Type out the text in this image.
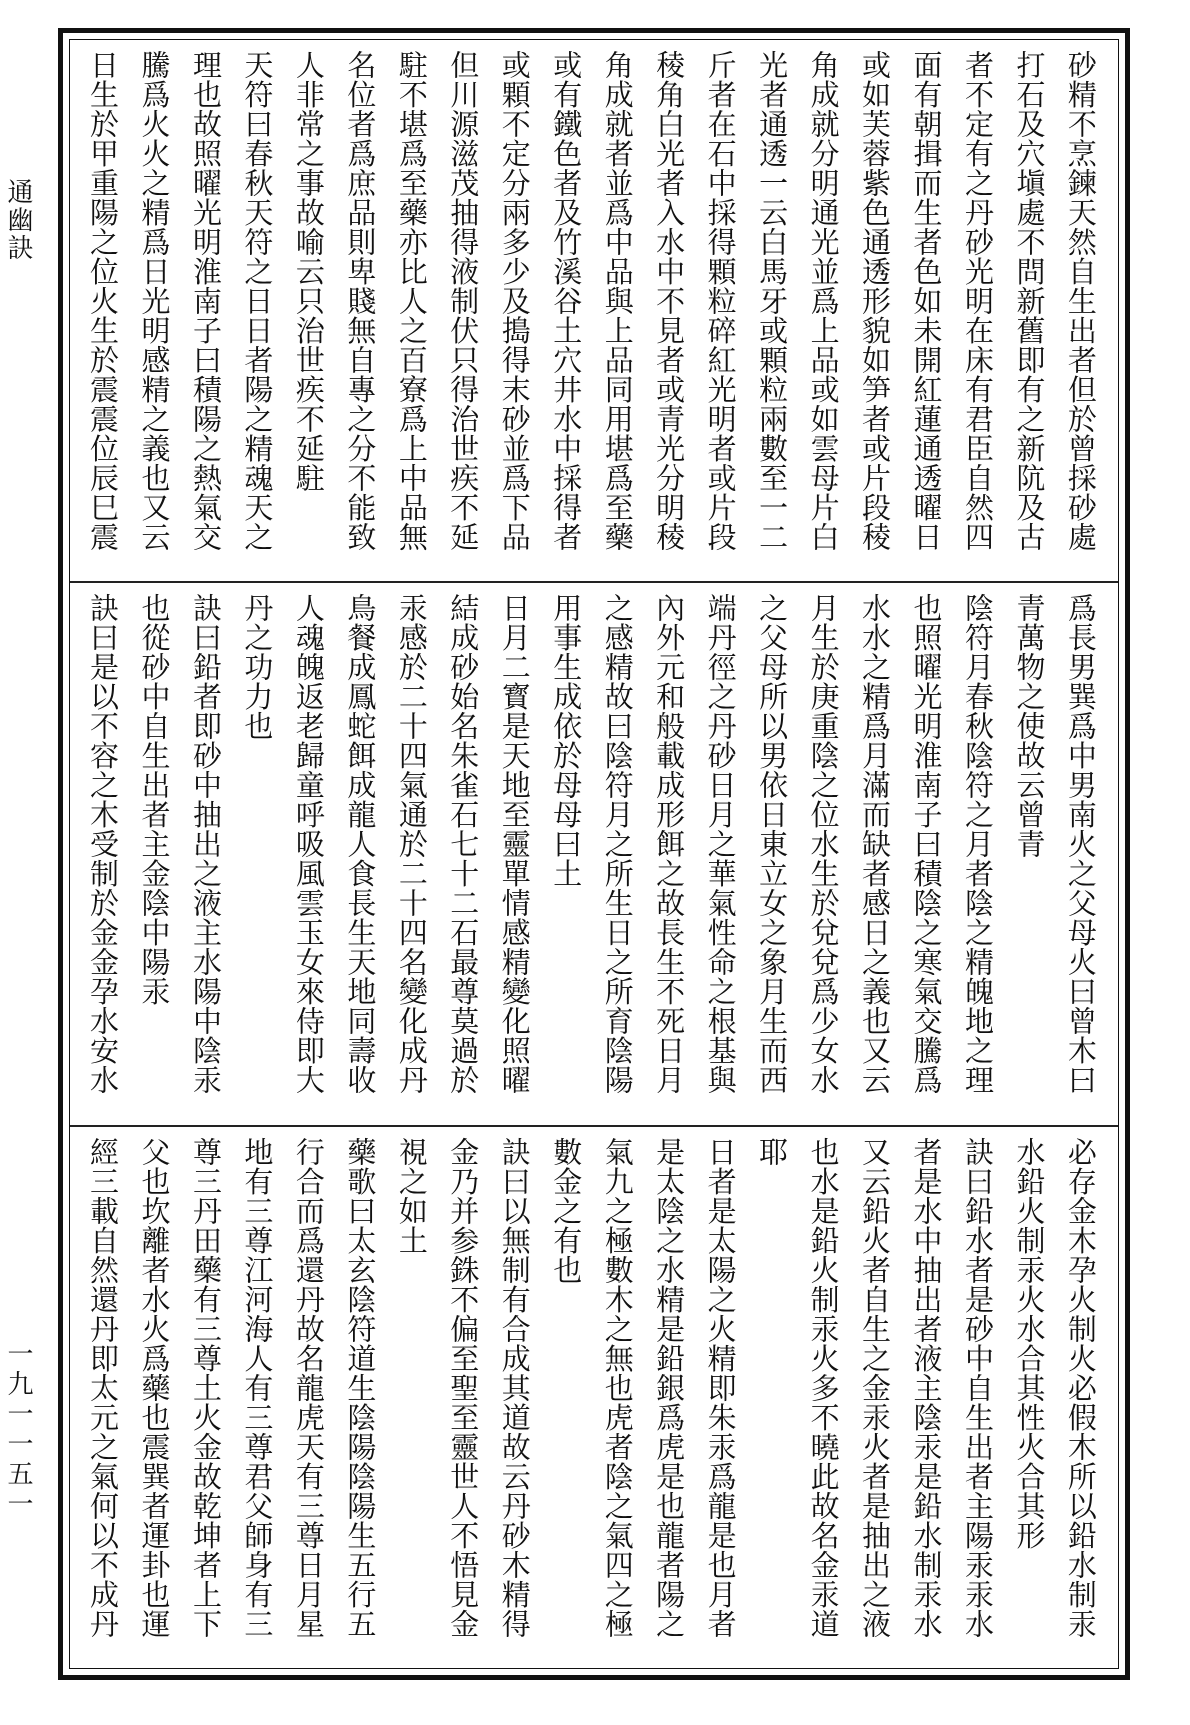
通幽訣
一九一一五一
砂精不烹鍊天然自生出者但於曾採砂處
打石及穴塡處不問新舊即有之新阬及古
者不定有之丹砂光明在床有君臣自然四
面有朝揖而生者色如未開紅蓮通透曜日
或如芙蓉紫色通透形貌如笋者或片段稜
角成就分明通光並爲上品或如雲母片白
光者通透一云白馬牙或顆粒兩數至一二
斤者在石中採得顆粒碎紅光明者或片段
稜角白光者入水中不見者或青光分明稜
角成就者並爲中品與上品同用堪爲至藥
或有鐵色者及竹溪谷土穴井水中採得者
或顆不定分兩多少及搗得末砂並爲下品
但川源滋茂抽得液制伏只得治世疾不延
駐不堪爲至藥亦比人之百寮爲上中品無
名位者爲庶品則卑賤無自專之分不能致
人非常之事故喻云只治世疾不延駐
天符曰春秋天符之日日者陽之精魂天之
理也故照曜光明淮南子曰積陽之熱氣交
騰爲火火之精爲日光明感精之義也又云
日生於甲重陽之位火生於震震位辰巳震
爲長男巽爲中男南火之父母火曰曾木曰
青萬物之使故云曾青
陰符月春秋陰符之月者陰之精魄地之理
也照曜光明淮南子曰積陰之寒氣交騰爲
水水之精爲月滿而缺者感日之義也又云
月生於庚重陰之位水生於兌兌爲少女水
之父母所以男依日東立女之象月生而西
端丹徑之丹砂日月之華氣性命之根基與
內外元和般載成形餌之故長生不死日月
之感精故曰陰符月之所生日之所育陰陽
用事生成依於母母曰土
日月二寳是天地至靈單情感精變化照曜
結成砂始名朱雀石七十二石最尊莫過於
汞感於二十四氣通於二十四名變化成丹
鳥餐成鳳蛇餌成龍人食長生天地同壽收
人魂魄返老歸童呼吸風雲玉女來侍即大
丹之功力也
訣曰鉛者即砂中抽出之液主水陽中陰汞
也從砂中自生出者主金陰中陽汞
訣曰是以不容之木受制於金金孕水安水
必存金木孕火制火必假木所以鉛水制汞
水鉛火制汞火水合其性火合其形
訣曰鉛水者是砂中自生出者主陽汞汞水
者是水中抽出者液主陰汞是鉛水制汞水
又云鉛火者自生之金汞火者是抽出之液
也水是鉛火制汞火多不曉此故名金汞道
耶
日者是太陽之火精即朱汞爲龍是也月者
是太陰之水精是鉛銀爲虎是也龍者陽之
氣九之極數木之無也虎者陰之氣四之極
數金之有也
訣曰以無制有合成其道故云丹砂木精得
金乃并参銖不偏至聖至靈世人不悟見金
視之如土
藥歌曰太玄陰符道生陰陽陰陽生五行五
行合而爲還丹故名龍虎天有三尊日月星
地有三尊江河海人有三尊君父師身有三
尊三丹田藥有三尊土火金故乾坤者上下
父也坎離者水火爲藥也震巽者運卦也運
經三載自然還丹即太元之氣何以不成丹
